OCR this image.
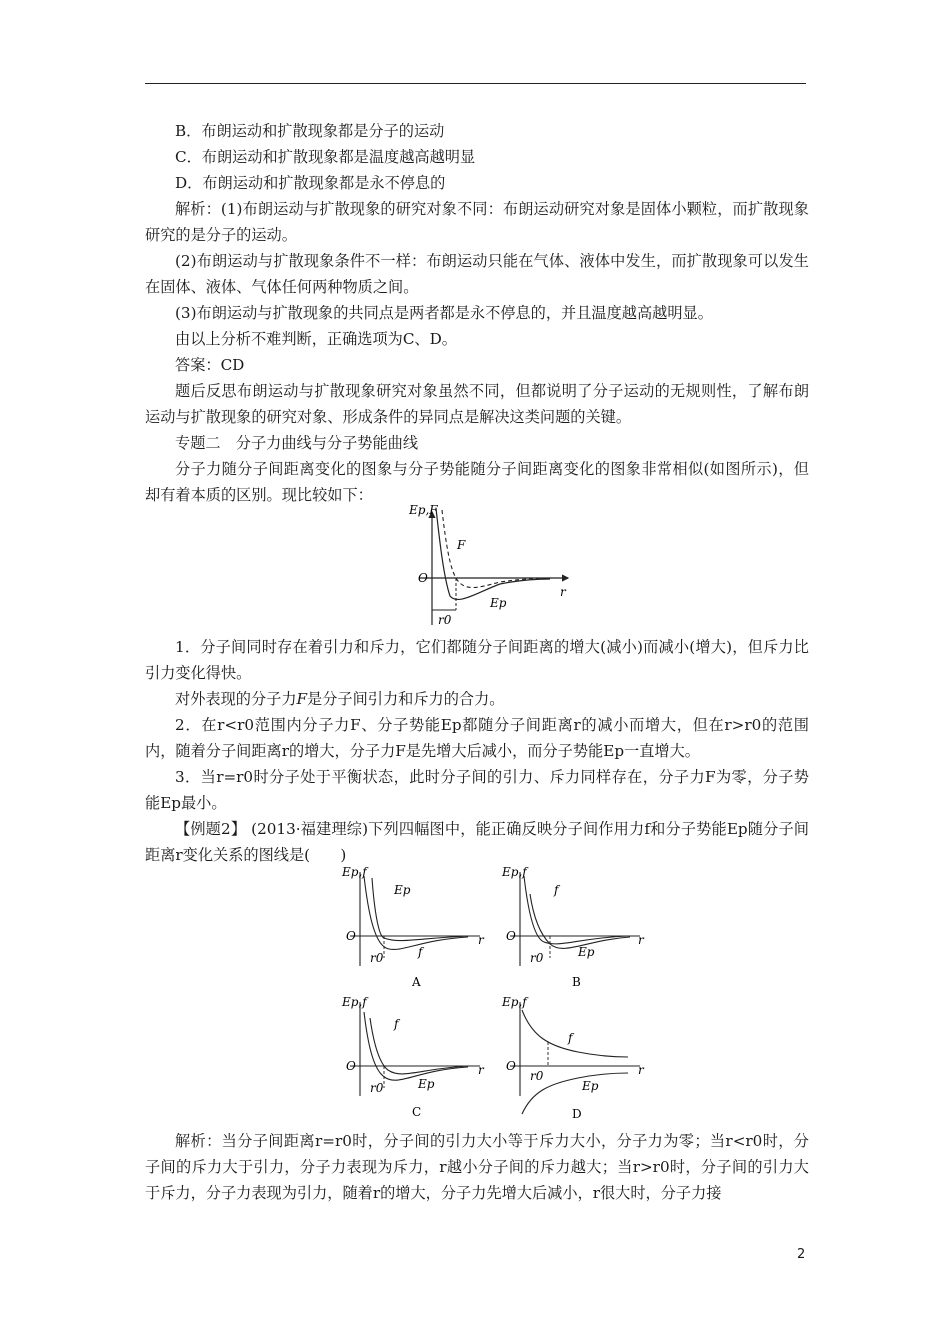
B．布朗运动和扩散现象都是分子的运动

C．布朗运动和扩散现象都是温度越高越明显

D．布朗运动和扩散现象都是永不停息的

解析：(1)布朗运动与扩散现象的研究对象不同：布朗运动研究对象是固体小颗粒，而扩散现象研究的是分子的运动。

(2)布朗运动与扩散现象条件不一样：布朗运动只能在气体、液体中发生，而扩散现象可以发生在固体、液体、气体任何两种物质之间。

(3)布朗运动与扩散现象的共同点是两者都是永不停息的，并且温度越高越明显。

由以上分析不难判断，正确选项为C、D。

答案：CD

题后反思布朗运动与扩散现象研究对象虽然不同，但都说明了分子运动的无规则性，了解布朗运动与扩散现象的研究对象、形成条件的异同点是解决这类问题的关键。

专题二　分子力曲线与分子势能曲线

分子力随分子间距离变化的图象与分子势能随分子间距离变化的图象非常相似(如图所示)，但却有着本质的区别。现比较如下：

Ep,F
O
r
F
Ep
r0

1．分子间同时存在着引力和斥力，它们都随分子间距离的增大(减小)而减小(增大)，但斥力比引力变化得快。

对外表现的分子力F是分子间引力和斥力的合力。

2．在r<r0范围内分子力F、分子势能Ep都随分子间距离r的减小而增大，但在r>r0的范围内，随着分子间距离r的增大，分子力F是先增大后减小，而分子势能Ep一直增大。

3．当r=r0时分子处于平衡状态，此时分子间的引力、斥力同样存在，分子力F为零，分子势能Ep最小。

【例题2】 (2013·福建理综)下列四幅图中，能正确反映分子间作用力f和分子势能Ep随分子间距离r变化关系的图线是(　　)

Ep,f
O	r
Ep
f
r0
A
Ep,f
O	r
f
Ep
r0
B
Ep,f
O	r
f
Ep
r0
C
Ep,f
O	r
f
Ep
r0
D

解析：当分子间距离r=r0时，分子间的引力大小等于斥力大小，分子力为零；当r<r0时，分子间的斥力大于引力，分子力表现为斥力，r越小分子间的斥力越大；当r>r0时，分子间的引力大于斥力，分子力表现为引力，随着r的增大，分子力先增大后减小，r很大时，分子力接

2
